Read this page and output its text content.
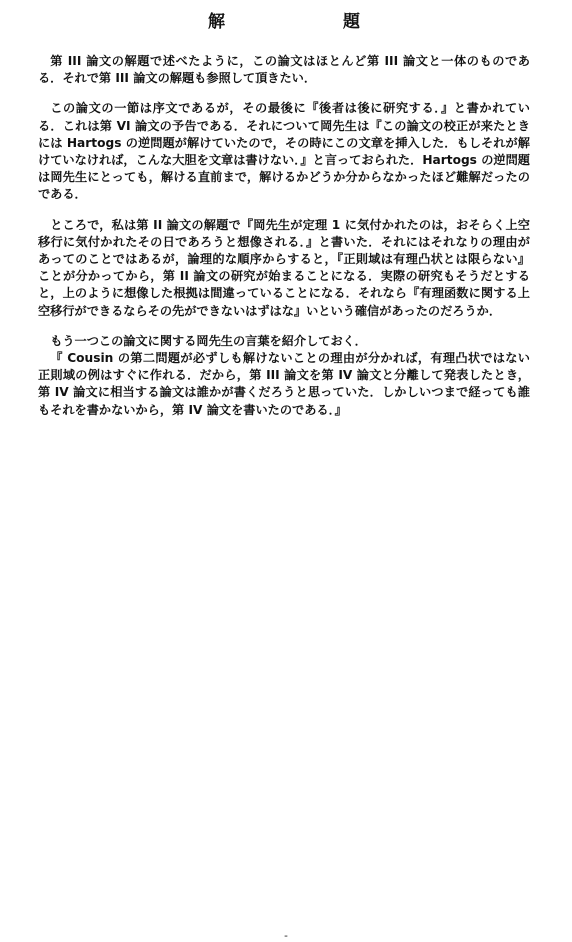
解　　題

第 III 論文の解題で述べたように，この論文はほとんど第 III 論文と一体のものである．それで第 III 論文の解題も参照して頂きたい．

この論文の一節は序文であるが，その最後に『後者は後に研究する．』と書かれている．これは第 VI 論文の予告である．それについて岡先生は『この論文の校正が来たときには Hartogs の逆問題が解けていたので，その時にこの文章を挿入した．もしそれが解けていなければ，こんな大胆を文章は書けない．』と言っておられた．Hartogs の逆問題は岡先生にとっても，解ける直前まで，解けるかどうか分からなかったほど難解だったのである．

ところで，私は第 II 論文の解題で『岡先生が定理 1 に気付かれたのは，おそらく上空移行に気付かれたその日であろうと想像される．』と書いた．それにはそれなりの理由があってのことではあるが，論理的な順序からすると，『正則域は有理凸状とは限らない』ことが分かってから，第 II 論文の研究が始まることになる．実際の研究もそうだとすると，上のように想像した根拠は間違っていることになる．それなら『有理函数に関する上空移行ができるならその先ができないはずはな』いという確信があったのだろうか．

もう一つこの論文に関する岡先生の言葉を紹介しておく．

『 Cousin の第二問題が必ずしも解けないことの理由が分かれば，有理凸状ではない正則域の例はすぐに作れる．だから，第 III 論文を第 IV 論文と分離して発表したとき，第 IV 論文に相当する論文は誰かが書くだろうと思っていた．しかしいつまで経っても誰もそれを書かないから，第 IV 論文を書いたのである．』

-
